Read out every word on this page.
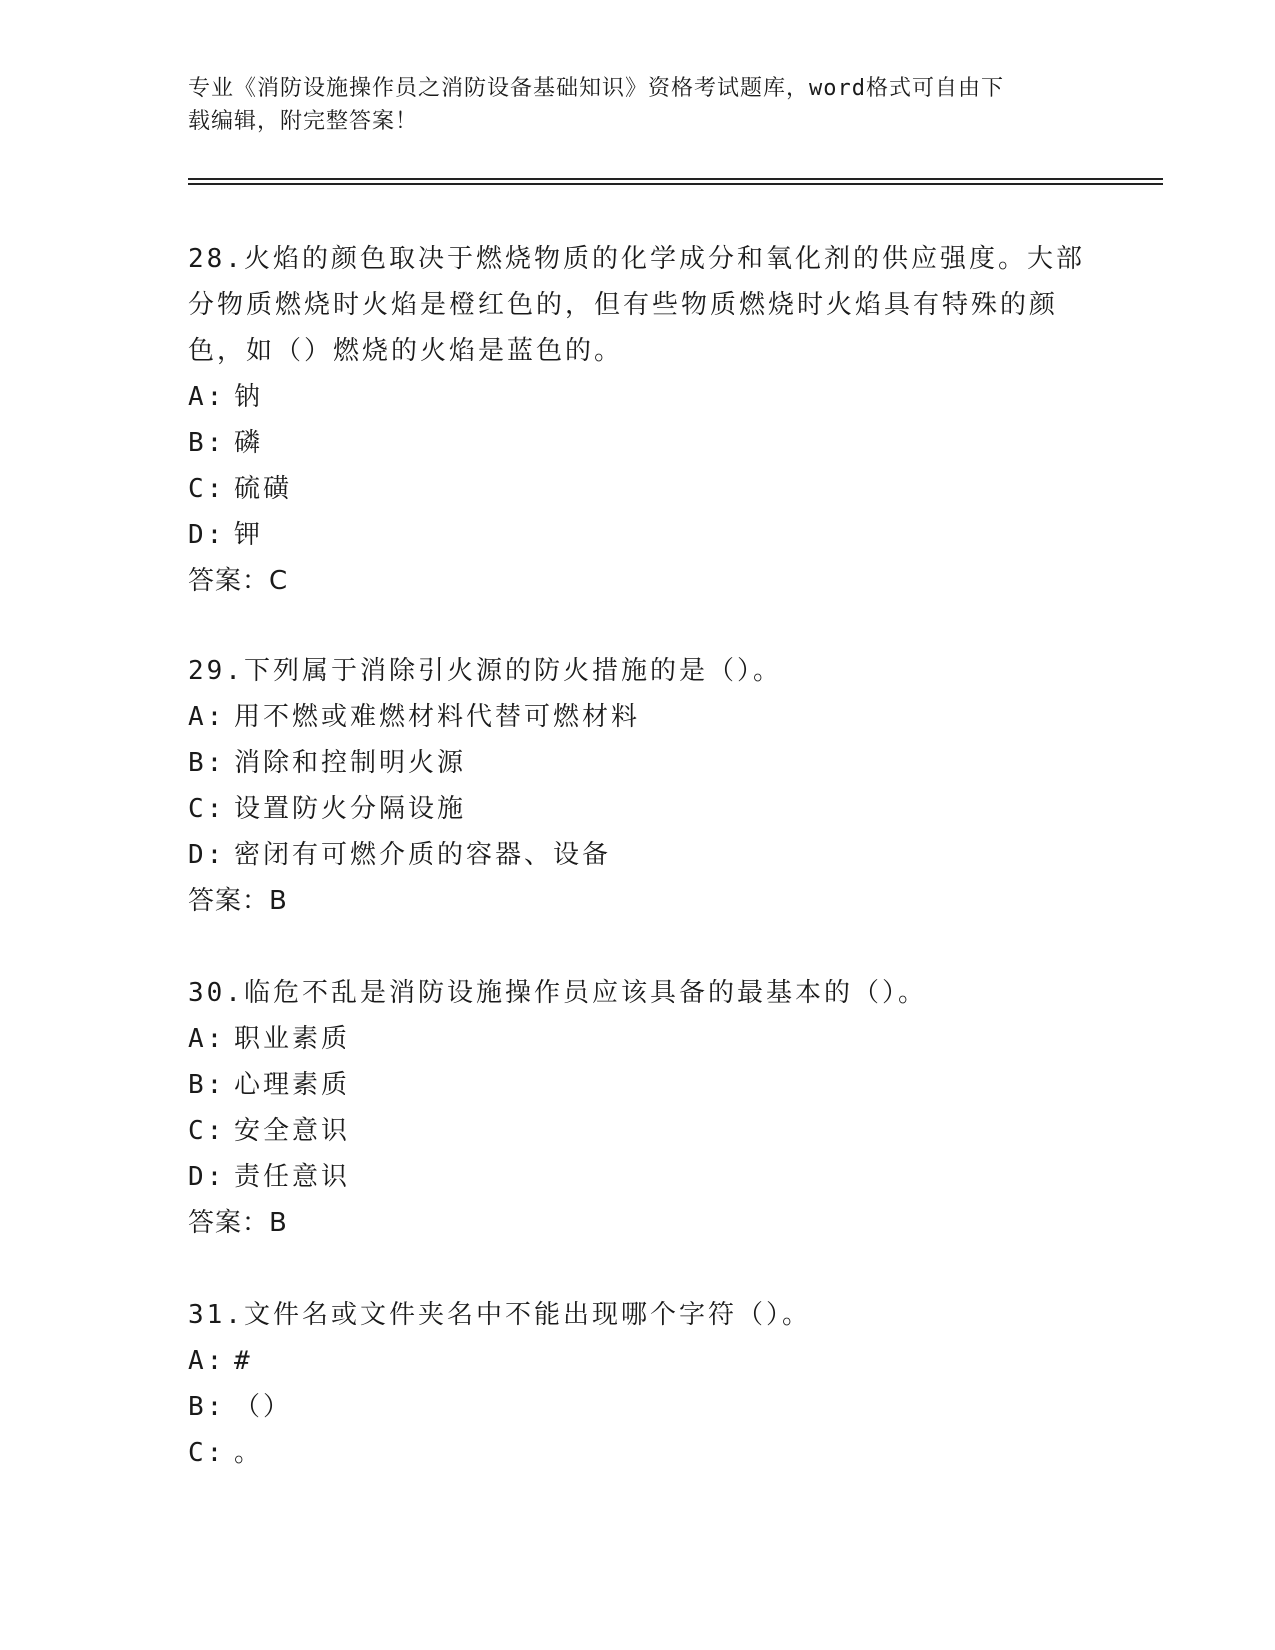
专业《消防设施操作员之消防设备基础知识》资格考试题库，word格式可自由下
载编辑，附完整答案！
28.火焰的颜色取决于燃烧物质的化学成分和氧化剂的供应强度。大部
分物质燃烧时火焰是橙红色的，但有些物质燃烧时火焰具有特殊的颜
色，如（）燃烧的火焰是蓝色的。
A: 钠
B: 磷
C: 硫磺
D: 钾
答案：C
29.下列属于消除引火源的防火措施的是（）。
A: 用不燃或难燃材料代替可燃材料
B: 消除和控制明火源
C: 设置防火分隔设施
D: 密闭有可燃介质的容器、设备
答案：B
30.临危不乱是消防设施操作员应该具备的最基本的（）。
A: 职业素质
B: 心理素质
C: 安全意识
D: 责任意识
答案：B
31.文件名或文件夹名中不能出现哪个字符（）。
A: #
B: （）
C: 。
